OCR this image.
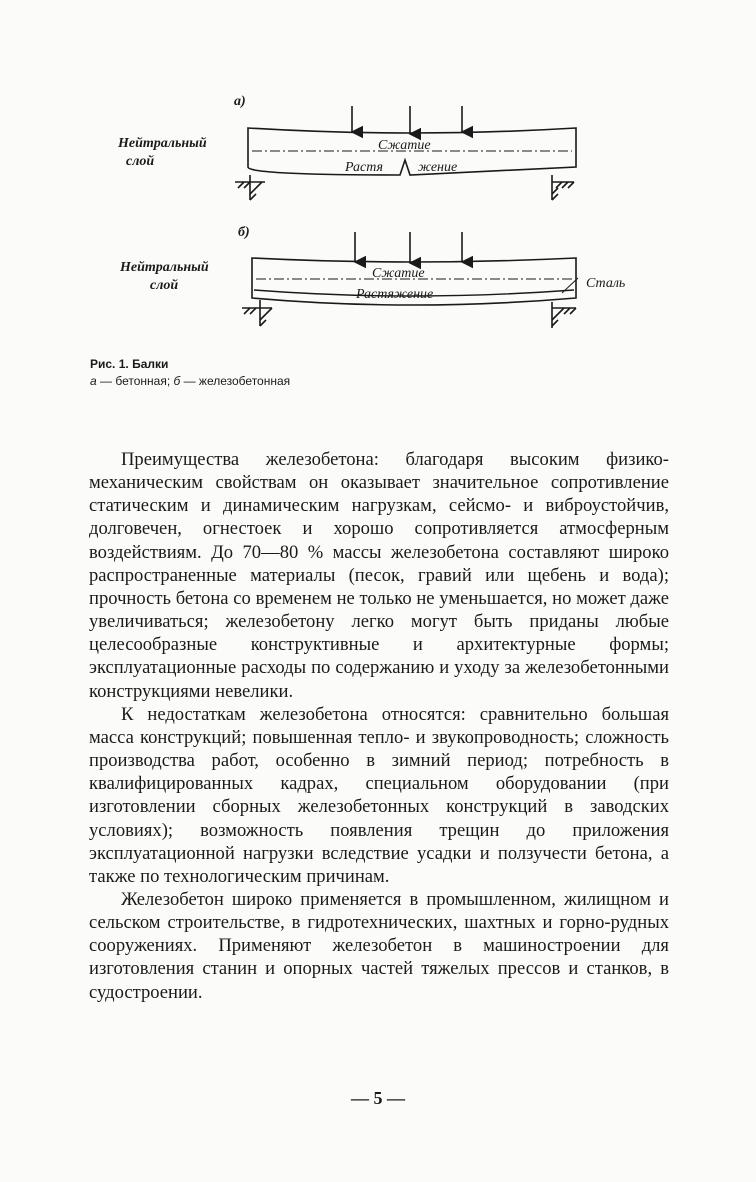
а)
Нейтральный
слой
Сжатие
Растя жение
б)
Нейтральный
слой
Сжатие
Растяжение
Сталь
Рис. 1. Балки
а — бетонная; б — железобетонная

Преимущества железобетона: благодаря высоким физико-механическим свойствам он оказывает значительное сопротивление статическим и динамическим нагрузкам, сейсмо- и виброустойчив, долговечен, огнестоек и хорошо сопротивляется атмосферным воздействиям. До 70—80 % массы железобетона составляют широко распространенные материалы (песок, гравий или щебень и вода); прочность бетона со временем не только не уменьшается, но может даже увеличиваться; железобетону легко могут быть приданы любые целесообразные конструктивные и архитектурные формы; эксплуатационные расходы по содержанию и уходу за железобетонными конструкциями невелики.

К недостаткам железобетона относятся: сравнительно большая масса конструкций; повышенная тепло- и звукопроводность; сложность производства работ, особенно в зимний период; потребность в квалифицированных кадрах, специальном оборудовании (при изготовлении сборных железобетонных конструкций в заводских условиях); возможность появления трещин до приложения эксплуатационной нагрузки вследствие усадки и ползучести бетона, а также по технологическим причинам.

Железобетон широко применяется в промышленном, жилищном и сельском строительстве, в гидротехнических, шахтных и горно-рудных сооружениях. Применяют железобетон в машиностроении для изготовления станин и опорных частей тяжелых прессов и станков, в судостроении.

— 5 —
